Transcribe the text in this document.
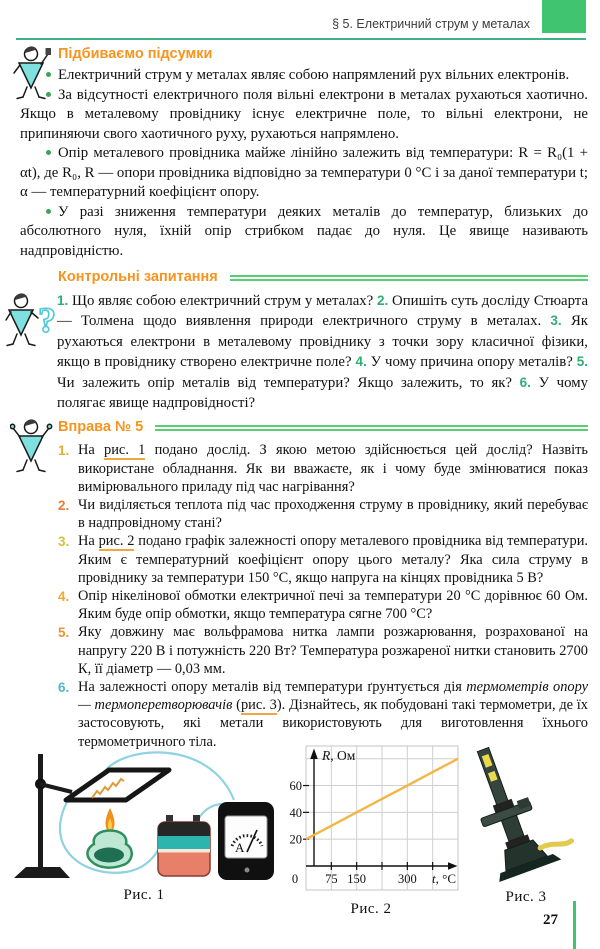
§ 5. Електричний струм у металах
?
Підбиваємо підсумки

Електричний струм у металах являє собою напрямлений рух вільних електронів.

За відсутності електричного поля вільні електрони в металах рухаються хаотично. Якщо в металевому провіднику існує електричне поле, то вільні електрони, не припиняючи свого хаотичного руху, рухаються напрямлено.

Опір металевого провідника майже лінійно залежить від температури: R = R₀(1 + αt), де R₀, R — опори провідника відповідно за температури 0 °С і за даної температури t; α — температурний коефіцієнт опору.

У разі зниження температури деяких металів до температур, близьких до абсолютного нуля, їхній опір стрибком падає до нуля. Це явище називають надпровідністю.

Контрольні запитання

1. Що являє собою електричний струм у металах? 2. Опишіть суть досліду Стюарта — Толмена щодо виявлення природи електричного струму в металах. 3. Як рухаються електрони в металевому провіднику з точки зору класичної фізики, якщо в провіднику створено електричне поле? 4. У чому причина опору металів? 5. Чи залежить опір металів від температури? Якщо залежить, то як? 6. У чому полягає явище надпровідності?

Вправа № 5
1. На рис. 1 подано дослід. З якою метою здійснюється цей дослід? Назвіть використане обладнання. Як ви вважаєте, як і чому буде змінюватися показ вимірювального приладу під час нагрівання?
2. Чи виділяється теплота під час проходження струму в провіднику, який перебуває в надпровідному стані?
3. На рис. 2 подано графік залежності опору металевого провідника від температури. Яким є температурний коефіцієнт опору цього металу? Яка сила струму в провіднику за температури 150 °С, якщо напруга на кінцях провідника 5 В?
4. Опір нікелінової обмотки електричної печі за температури 20 °С дорівнює 60 Ом. Яким буде опір обмотки, якщо температура сягне 700 °С?
5. Яку довжину має вольфрамова нитка лампи розжарювання, розрахованої на напругу 220 В і потужність 220 Вт? Температура розжареної нитки становить 2700 К, її діаметр — 0,03 мм.
6. На залежності опору металів від температури ґрунтується дія термометрів опору — термоперетворювачів (рис. 3). Дізнайтесь, як побудовані такі термометри, де їх застосовують, які метали використовують для виготовлення їхнього термометричного тіла.
А
Рис. 1
75 150	300
20
40
60
0
R, Ом
t, °С
Рис. 2
Рис. 3
27
